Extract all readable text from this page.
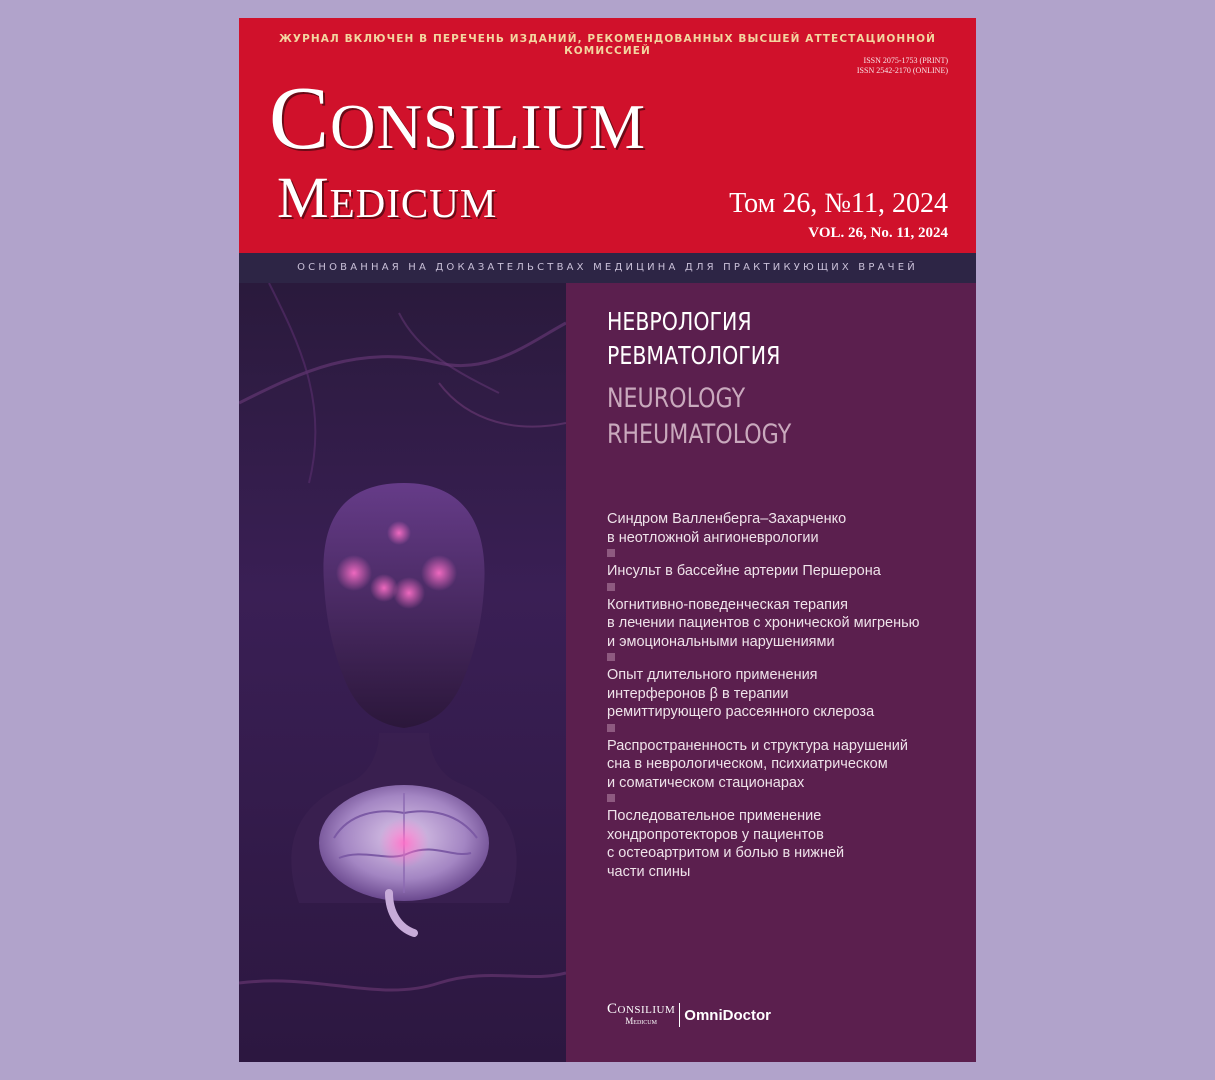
ЖУРНАЛ ВКЛЮЧЕН В ПЕРЕЧЕНЬ ИЗДАНИЙ, РЕКОМЕНДОВАННЫХ ВЫСШЕЙ АТТЕСТАЦИОННОЙ КОМИССИЕЙ
ISSN 2075-1753 (PRINT)
ISSN 2542-2170 (ONLINE)
Consilium
Medicum	Том 26, №11, 2024
VOL. 26, No. 11, 2024
ОСНОВАННАЯ НА ДОКАЗАТЕЛЬСТВАХ МЕДИЦИНА ДЛЯ ПРАКТИКУЮЩИХ ВРАЧЕЙ
НЕВРОЛОГИЯ
РЕВМАТОЛОГИЯ
NEUROLOGY
RHEUMATOLOGY
Синдром Валленберга–Захарченко
в неотложной ангионеврологии
Инсульт в бассейне артерии Першерона
Когнитивно-поведенческая терапия
в лечении пациентов с хронической мигренью
и эмоциональными нарушениями
Опыт длительного применения
интерферонов β в терапии
ремиттирующего рассеянного склероза
Распространенность и структура нарушений
сна в неврологическом, психиатрическом
и соматическом стационарах
Последовательное применение
хондропротекторов у пациентов
с остеоартритом и болью в нижней
части спины
Consilium
Medicum	OmniDoctor
